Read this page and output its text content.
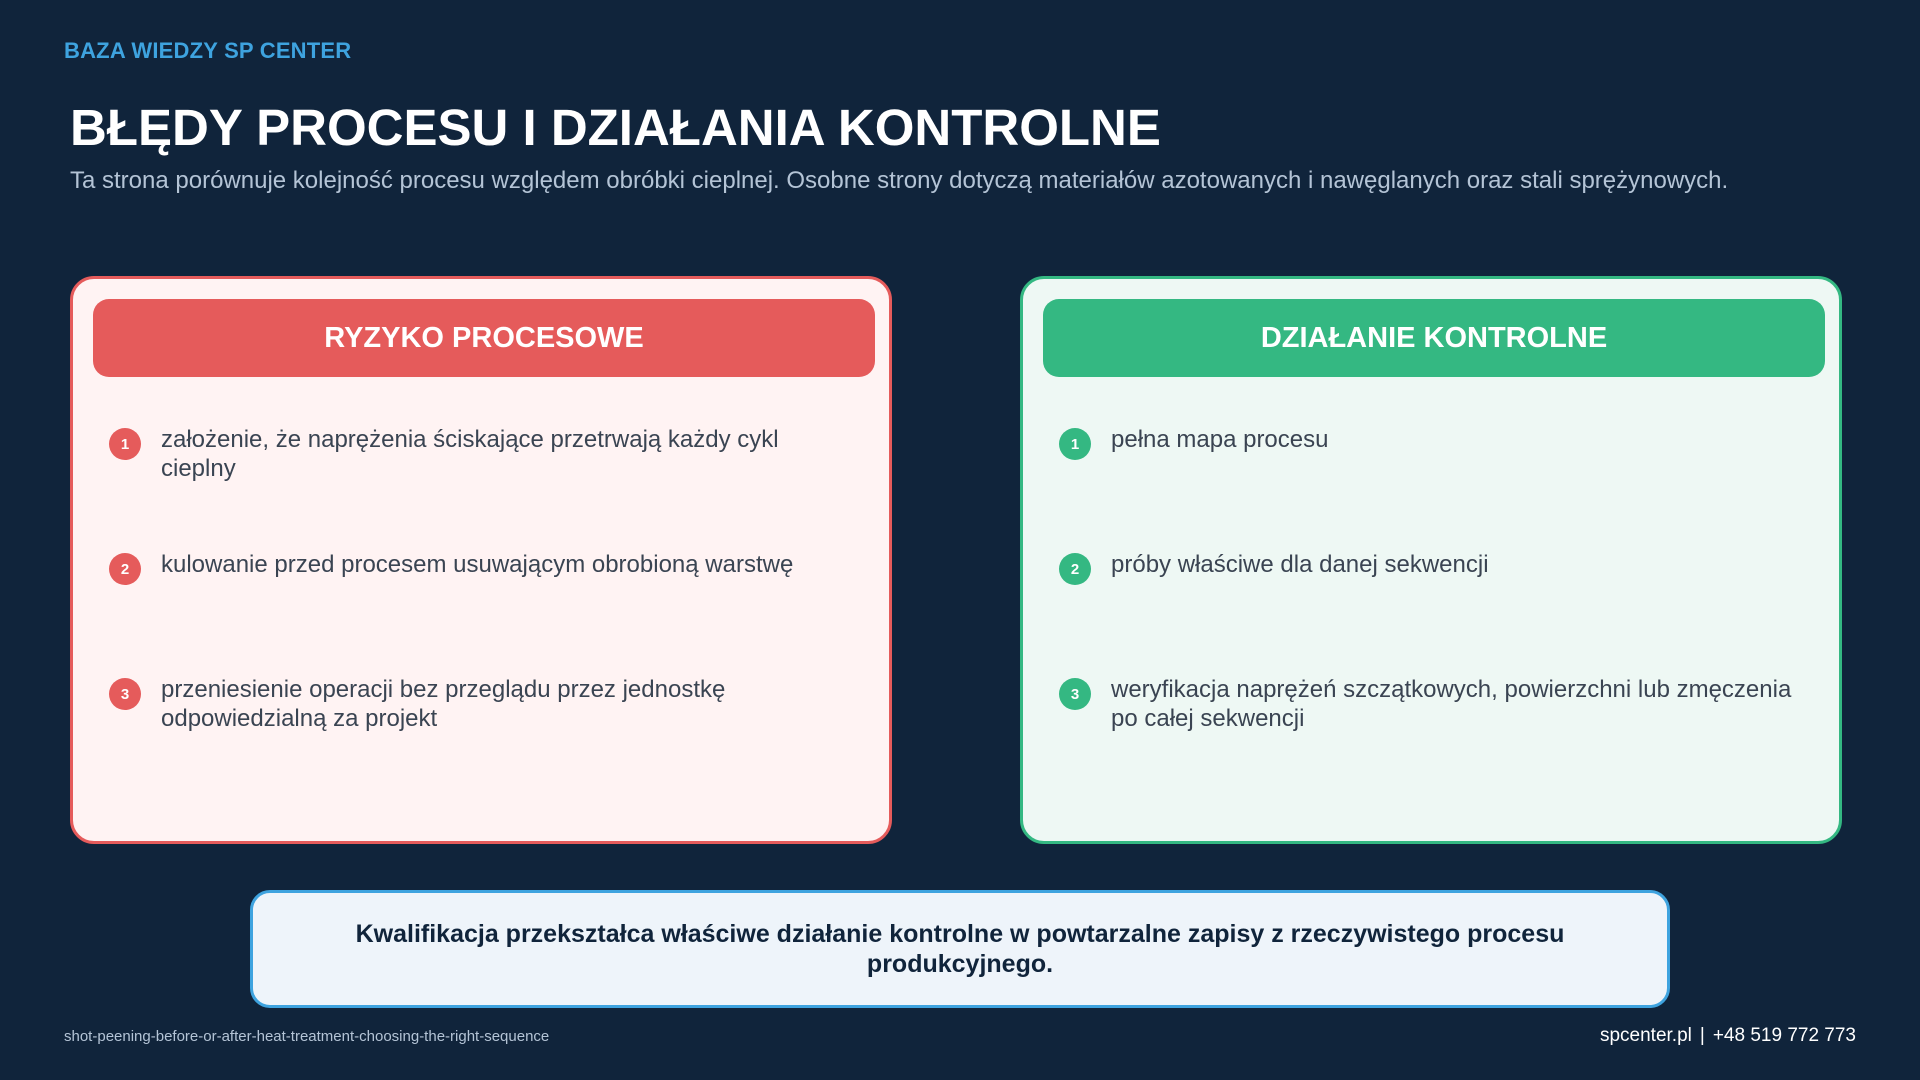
BAZA WIEDZY SP CENTER
BŁĘDY PROCESU I DZIAŁANIA KONTROLNE
Ta strona porównuje kolejność procesu względem obróbki cieplnej. Osobne strony dotyczą materiałów azotowanych i nawęglanych oraz stali sprężynowych.
RYZYKO PROCESOWE
1	założenie, że naprężenia ściskające przetrwają każdy cykl cieplny
2	kulowanie przed procesem usuwającym obrobioną warstwę
3	przeniesienie operacji bez przeglądu przez jednostkę odpowiedzialną za projekt
DZIAŁANIE KONTROLNE
1	pełna mapa procesu
2	próby właściwe dla danej sekwencji
3	weryfikacja naprężeń szczątkowych, powierzchni lub zmęczenia po całej sekwencji
Kwalifikacja przekształca właściwe działanie kontrolne w powtarzalne zapisy z rzeczywistego procesu produkcyjnego.
shot-peening-before-or-after-heat-treatment-choosing-the-right-sequence	spcenter.pl | +48 519 772 773
